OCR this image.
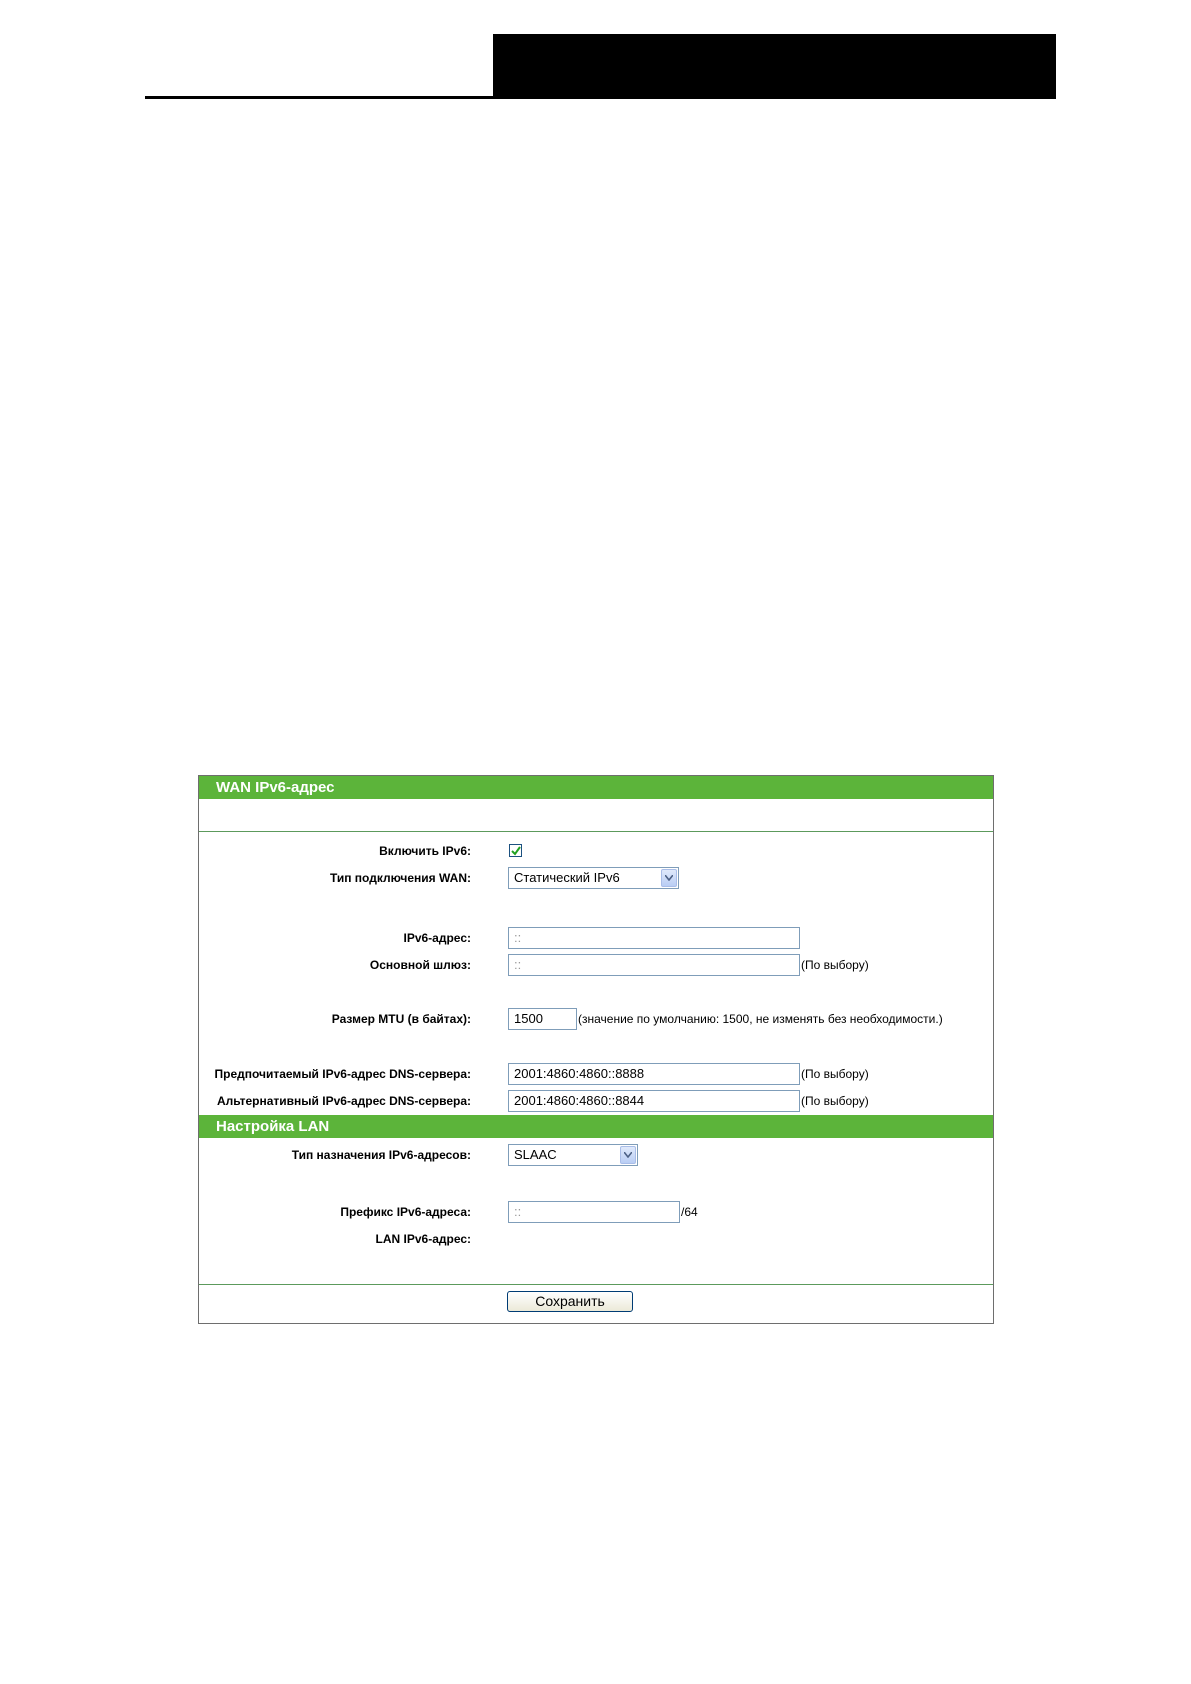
WAN IPv6-адрес
Включить IPv6:
Тип подключения WAN:	Статический IPv6
IPv6-адрес:	::
Основной шлюз:	::	(По выбору)
Размер MTU (в байтах):	1500	(значение по умолчанию: 1500, не изменять без необходимости.)
Предпочитаемый IPv6-адрес DNS-сервера:	2001:4860:4860::8888	(По выбору)
Альтернативный IPv6-адрес DNS-сервера:	2001:4860:4860::8844	(По выбору)
Настройка LAN
Тип назначения IPv6-адресов:	SLAAC
Префикс IPv6-адреса:	::	/64
LAN IPv6-адрес:
Сохранить
